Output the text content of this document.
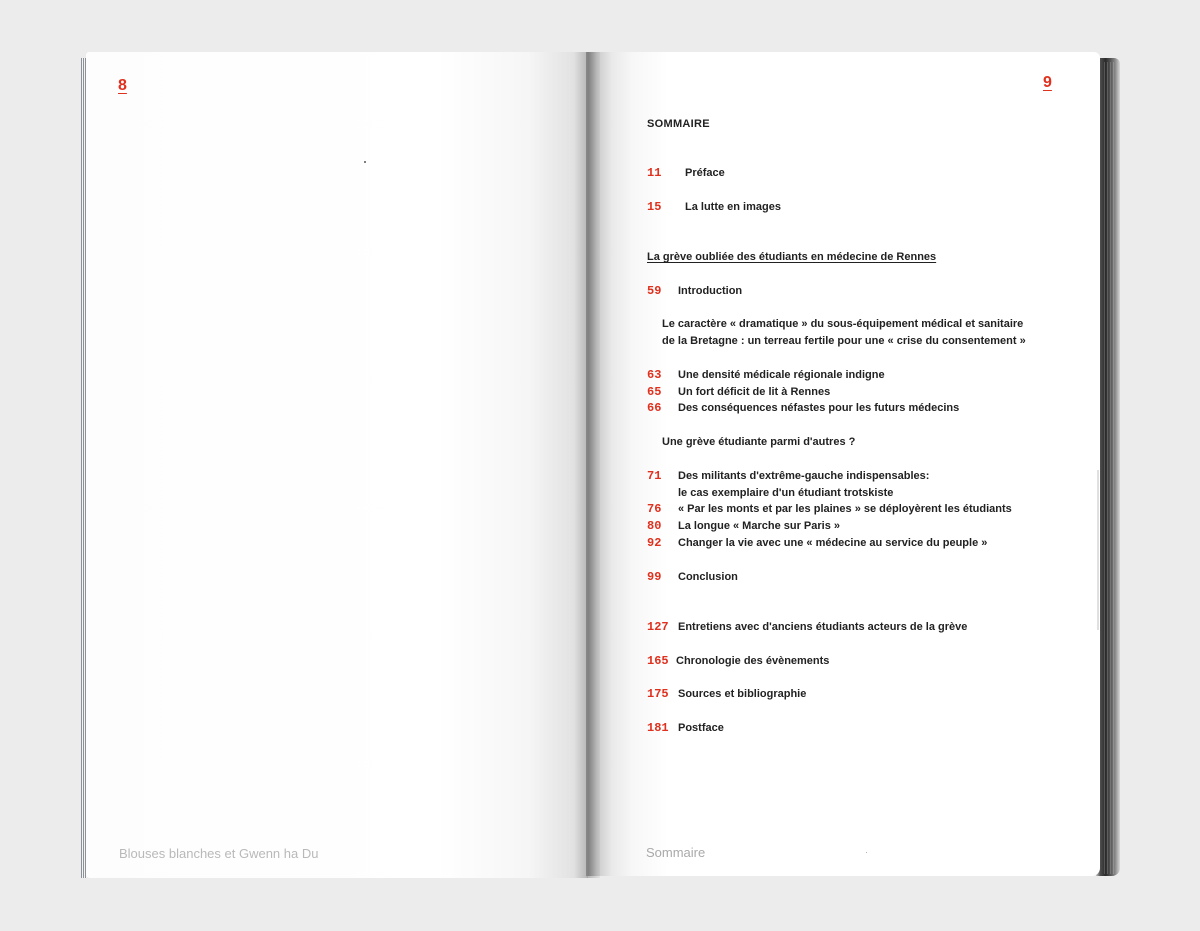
8
Blouses blanches et Gwenn ha Du
9
SOMMAIRE
11 Préface
15 La lutte en images
La grève oubliée des étudiants en médecine de Rennes
59 Introduction
Le caractère « dramatique » du sous-équipement médical et sanitaire
de la Bretagne : un terreau fertile pour une « crise du consentement »
63 Une densité médicale régionale indigne
65 Un fort déficit de lit à Rennes
66 Des conséquences néfastes pour les futurs médecins
Une grève étudiante parmi d'autres ?
71 Des militants d'extrême-gauche indispensables:
le cas exemplaire d'un étudiant trotskiste
76 « Par les monts et par les plaines » se déployèrent les étudiants
80 La longue « Marche sur Paris »
92 Changer la vie avec une « médecine au service du peuple »
99 Conclusion
127 Entretiens avec d'anciens étudiants acteurs de la grève
165 Chronologie des évènements
175 Sources et bibliographie
181 Postface
Sommaire
